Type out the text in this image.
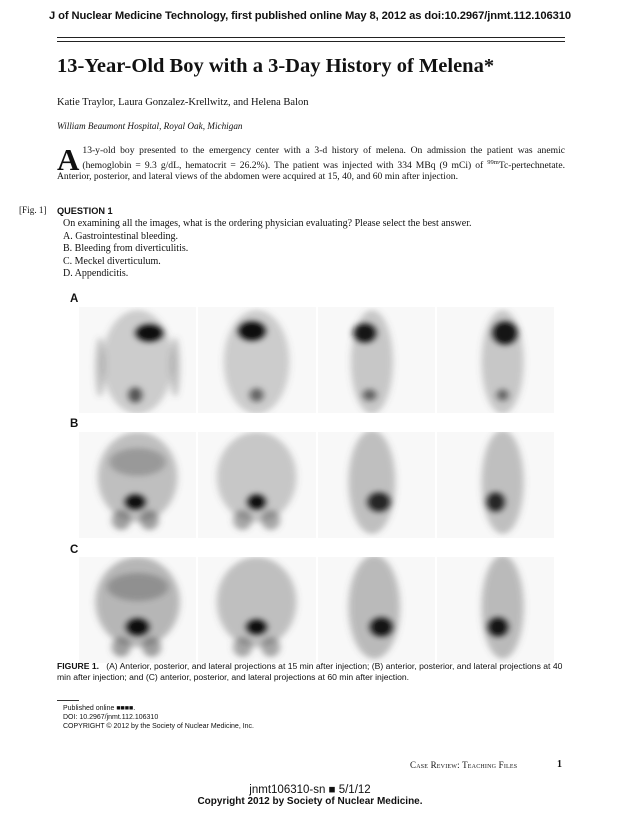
J of Nuclear Medicine Technology, first published online May 8, 2012 as doi:10.2967/jnmt.112.106310
13-Year-Old Boy with a 3-Day History of Melena*
Katie Traylor, Laura Gonzalez-Krellwitz, and Helena Balon
William Beaumont Hospital, Royal Oak, Michigan
A 13-y-old boy presented to the emergency center with a 3-d history of melena. On admission the patient was anemic (hemoglobin = 9.3 g/dL, hematocrit = 26.2%). The patient was injected with 334 MBq (9 mCi) of $^{99m}$Tc-pertechnetate. Anterior, posterior, and lateral views of the abdomen were acquired at 15, 40, and 60 min after injection.
[Fig. 1] QUESTION 1
On examining all the images, what is the ordering physician evaluating? Please select the best answer.
A. Gastrointestinal bleeding.
B. Bleeding from diverticulitis.
C. Meckel diverticulum.
D. Appendicitis.
A
B
C
FIGURE 1. (A) Anterior, posterior, and lateral projections at 15 min after injection; (B) anterior, posterior, and lateral projections at 40 min after injection; and (C) anterior, posterior, and lateral projections at 60 min after injection.
Published online ■■■■.
DOI: 10.2967/jnmt.112.106310
COPYRIGHT © 2012 by the Society of Nuclear Medicine, Inc.
Case Review: Teaching Files	1
jnmt106310-sn ■ 5/1/12
Copyright 2012 by Society of Nuclear Medicine.
